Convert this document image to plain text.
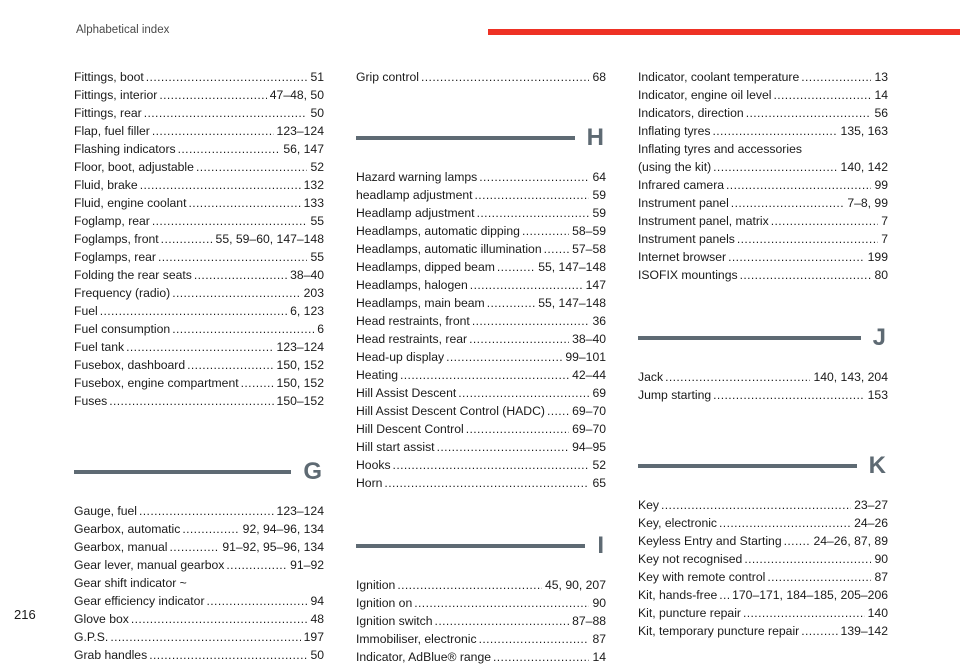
Alphabetical index
Fittings, boot . . .	51
Fittings, interior . . .	47–48, 50
Fittings, rear . . .	50
Flap, fuel filler . . .	123–124
Flashing indicators . . .	56, 147
Floor, boot, adjustable . . .	52
Fluid, brake . . .	132
Fluid, engine coolant . . .	133
Foglamp, rear . . .	55
Foglamps, front . . .	55, 59–60, 147–148
Foglamps, rear . . .	55
Folding the rear seats . . .	38–40
Frequency (radio) . . .	203
Fuel . . .	6, 123
Fuel consumption . . .	6
Fuel tank . . .	123–124
Fusebox, dashboard . . .	150, 152
Fusebox, engine compartment . . .	150, 152
Fuses . . .	150–152
G
Gauge, fuel . . .	123–124
Gearbox, automatic . . .	92, 94–96, 134
Gearbox, manual . . .	91–92, 95–96, 134
Gear lever, manual gearbox . . .	91–92
Gear shift indicator ~
Gear efficiency indicator . . .	94
Glove box . . .	48
G.P.S. . . .	197
Grab handles . . .	50
Grip control . . .	68
H
Hazard warning lamps . . .	64
headlamp adjustment . . .	59
Headlamp adjustment . . .	59
Headlamps, automatic dipping . . .	58–59
Headlamps, automatic illumination . . . 57–58
Headlamps, dipped beam . . .	55, 147–148
Headlamps, halogen . . .	147
Headlamps, main beam . . .	55, 147–148
Head restraints, front . . .	36
Head restraints, rear . . .	38–40
Head-up display . . .	99–101
Heating . . .	42–44
Hill Assist Descent . . .	69
Hill Assist Descent Control (HADC) . . . 69–70
Hill Descent Control . . .	69–70
Hill start assist . . .	94–95
Hooks . . .	52
Horn . . .	65
I
Ignition . . .	45, 90, 207
Ignition on . . .	90
Ignition switch . . .	87–88
Immobiliser, electronic . . .	87
Indicator, AdBlue® range . . .	14
Indicator, coolant temperature . . .	13
Indicator, engine oil level . . .	14
Indicators, direction . . .	56
Inflating tyres . . .	135, 163
Inflating tyres and accessories
(using the kit) . . .	140, 142
Infrared camera . . .	99
Instrument panel . . .	7–8, 99
Instrument panel, matrix . . .	7
Instrument panels . . .	7
Internet browser . . .	199
ISOFIX mountings . . .	80
J
Jack . . .	140, 143, 204
Jump starting . . .	153
K
Key . . .	23–27
Key, electronic . . .	24–26
Keyless Entry and Starting . . .	24–26, 87, 89
Key not recognised . . .	90
Key with remote control . . .	87
Kit, hands-free . . . 170–171, 184–185, 205–206
Kit, puncture repair . . .	140
Kit, temporary puncture repair . . .	139–142
216
